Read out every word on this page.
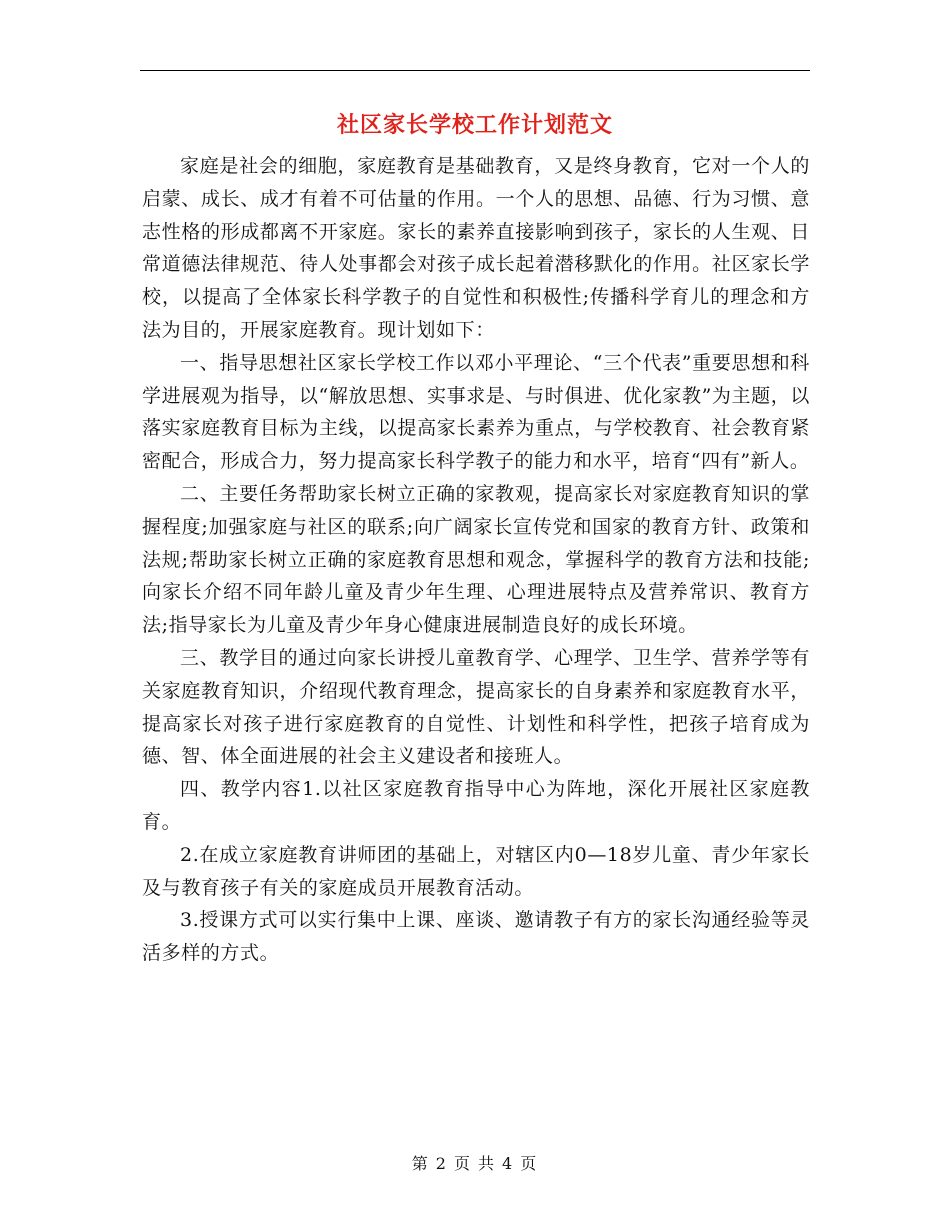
社区家长学校工作计划范文

家庭是社会的细胞，家庭教育是基础教育，又是终身教育，它对一个人的启蒙、成长、成才有着不可估量的作用。一个人的思想、品德、行为习惯、意志性格的形成都离不开家庭。家长的素养直接影响到孩子，家长的人生观、日常道德法律规范、待人处事都会对孩子成长起着潜移默化的作用。社区家长学校，以提高了全体家长科学教子的自觉性和积极性;传播科学育儿的理念和方法为目的，开展家庭教育。现计划如下：

一、指导思想社区家长学校工作以邓小平理论、“三个代表”重要思想和科学进展观为指导，以“解放思想、实事求是、与时俱进、优化家教”为主题，以落实家庭教育目标为主线，以提高家长素养为重点，与学校教育、社会教育紧密配合，形成合力，努力提高家长科学教子的能力和水平，培育“四有”新人。

二、主要任务帮助家长树立正确的家教观，提高家长对家庭教育知识的掌握程度;加强家庭与社区的联系;向广阔家长宣传党和国家的教育方针、政策和法规;帮助家长树立正确的家庭教育思想和观念，掌握科学的教育方法和技能;向家长介绍不同年龄儿童及青少年生理、心理进展特点及营养常识、教育方法;指导家长为儿童及青少年身心健康进展制造良好的成长环境。

三、教学目的通过向家长讲授儿童教育学、心理学、卫生学、营养学等有关家庭教育知识，介绍现代教育理念，提高家长的自身素养和家庭教育水平，提高家长对孩子进行家庭教育的自觉性、计划性和科学性，把孩子培育成为德、智、体全面进展的社会主义建设者和接班人。

四、教学内容1.以社区家庭教育指导中心为阵地，深化开展社区家庭教育。

2.在成立家庭教育讲师团的基础上，对辖区内0—18岁儿童、青少年家长及与教育孩子有关的家庭成员开展教育活动。

3.授课方式可以实行集中上课、座谈、邀请教子有方的家长沟通经验等灵活多样的方式。

第 2 页 共 4 页
